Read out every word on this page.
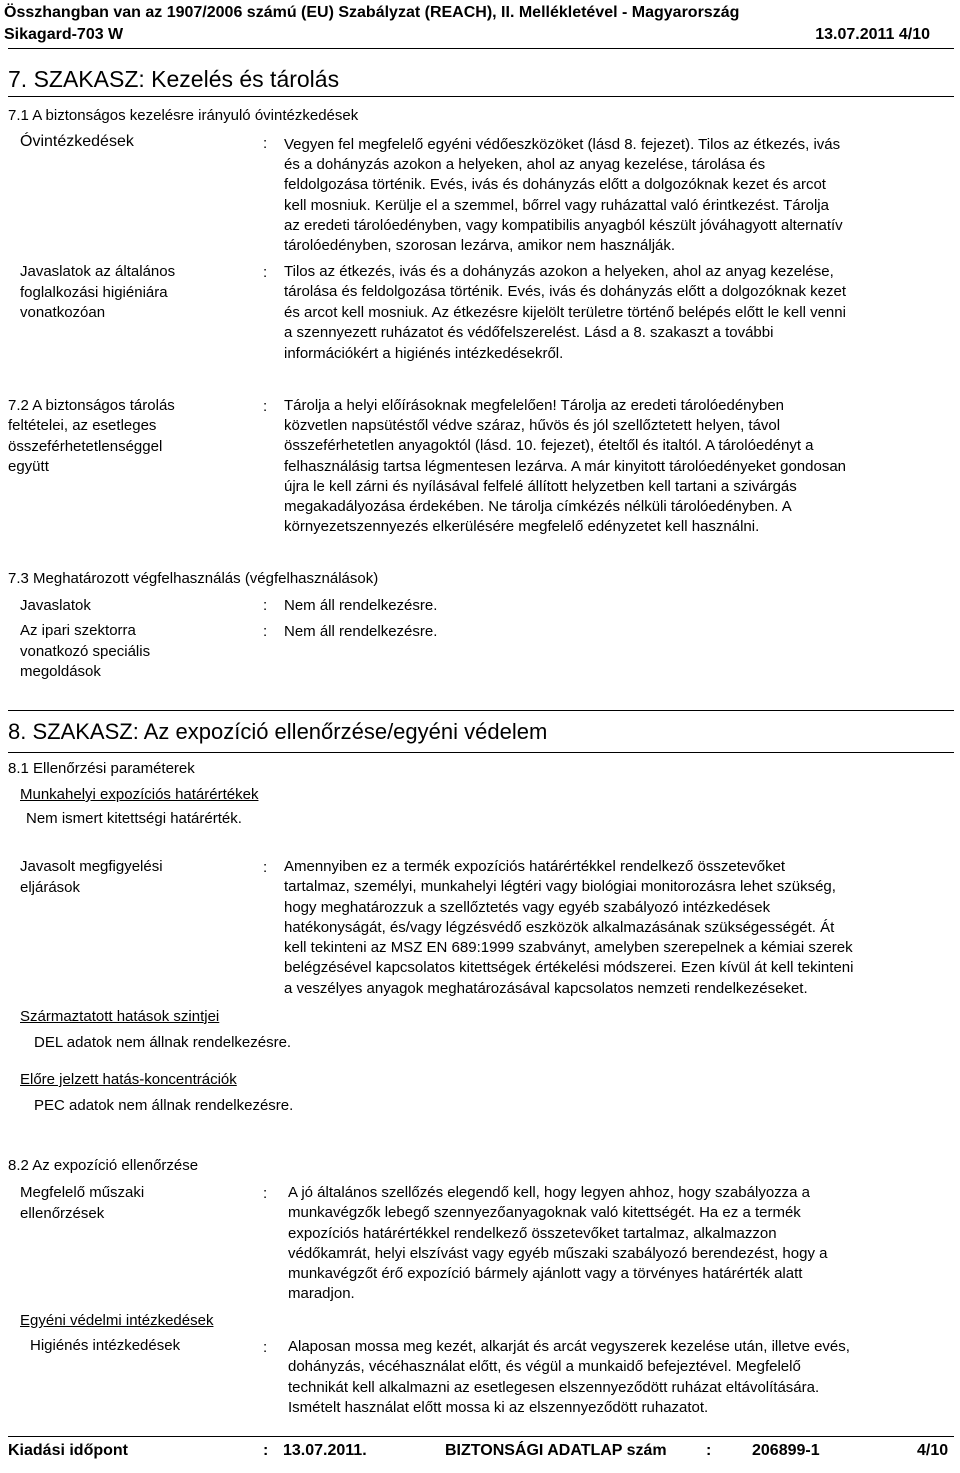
Összhangban van az 1907/2006 számú (EU) Szabályzat (REACH), II. Mellékletével - Magyarország
Sikagard-703 W	13.07.2011 4/10
7. SZAKASZ: Kezelés és tárolás
7.1 A biztonságos kezelésre irányuló óvintézkedések
Óvintézkedések	: Vegyen fel megfelelő egyéni védőeszközöket (lásd 8. fejezet). Tilos az étkezés, ivás
és a dohányzás azokon a helyeken, ahol az anyag kezelése, tárolása és
feldolgozása történik. Evés, ivás és dohányzás előtt a dolgozóknak kezet és arcot
kell mosniuk. Kerülje el a szemmel, bőrrel vagy ruházattal való érintkezést. Tárolja
az eredeti tárolóedényben, vagy kompatibilis anyagból készült jóváhagyott alternatív
tárolóedényben, szorosan lezárva, amikor nem használják.
Javaslatok az általános
foglalkozási higiéniára
vonatkozóan
: Tilos az étkezés, ivás és a dohányzás azokon a helyeken, ahol az anyag kezelése,
tárolása és feldolgozása történik. Evés, ivás és dohányzás előtt a dolgozóknak kezet
és arcot kell mosniuk. Az étkezésre kijelölt területre történő belépés előtt le kell venni
a szennyezett ruházatot és védőfelszerelést. Lásd a 8. szakaszt a további
információkért a higiénés intézkedésekről.
7.2 A biztonságos tárolás
feltételei, az esetleges
összeférhetetlenséggel
együtt
: Tárolja a helyi előírásoknak megfelelően! Tárolja az eredeti tárolóedényben
közvetlen napsütéstől védve száraz, hűvös és jól szellőztetett helyen, távol
összeférhetetlen anyagoktól (lásd. 10. fejezet), ételtől és italtól. A tárolóedényt a
felhasználásig tartsa légmentesen lezárva. A már kinyitott tárolóedényeket gondosan
újra le kell zárni és nyílásával felfelé állított helyzetben kell tartani a szivárgás
megakadályozása érdekében. Ne tárolja címkézés nélküli tárolóedényben. A
környezetszennyezés elkerülésére megfelelő edényzetet kell használni.
7.3 Meghatározott végfelhasználás (végfelhasználások)
Javaslatok	: Nem áll rendelkezésre.
Az ipari szektorra
vonatkozó speciális
megoldások
: Nem áll rendelkezésre.
8. SZAKASZ: Az expozíció ellenőrzése/egyéni védelem
8.1 Ellenőrzési paraméterek
Munkahelyi expozíciós határértékek
Nem ismert kitettségi határérték.
Javasolt megfigyelési
eljárások
: Amennyiben ez a termék expozíciós határértékkel rendelkező összetevőket
tartalmaz, személyi, munkahelyi légtéri vagy biológiai monitorozásra lehet szükség,
hogy meghatározzuk a szellőztetés vagy egyéb szabályozó intézkedések
hatékonyságát, és/vagy légzésvédő eszközök alkalmazásának szükségességét. Át
kell tekinteni az MSZ EN 689:1999 szabványt, amelyben szerepelnek a kémiai szerek
belégzésével kapcsolatos kitettségek értékelési módszerei. Ezen kívül át kell tekinteni
a veszélyes anyagok meghatározásával kapcsolatos nemzeti rendelkezéseket.
Származtatott hatások szintjei
DEL adatok nem állnak rendelkezésre.
Előre jelzett hatás-koncentrációk
PEC adatok nem állnak rendelkezésre.
8.2 Az expozíció ellenőrzése
Megfelelő műszaki
ellenőrzések
: A jó általános szellőzés elegendő kell, hogy legyen ahhoz, hogy szabályozza a
munkavégzők lebegő szennyezőanyagoknak való kitettségét. Ha ez a termék
expozíciós határértékkel rendelkező összetevőket tartalmaz, alkalmazzon
védőkamrát, helyi elszívást vagy egyéb műszaki szabályozó berendezést, hogy a
munkavégzőt érő expozíció bármely ajánlott vagy a törvényes határérték alatt
maradjon.
Egyéni védelmi intézkedések
Higiénés intézkedések	: Alaposan mossa meg kezét, alkarját és arcát vegyszerek kezelése után, illetve evés,
dohányzás, vécéhasználat előtt, és végül a munkaidő befejeztével. Megfelelő
technikát kell alkalmazni az esetlegesen elszennyeződött ruházat eltávolítására.
Ismételt használat előtt mossa ki az elszennyeződött ruhazatot.
Kiadási időpont	: 13.07.2011.	BIZTONSÁGI ADATLAP szám :	206899-1	4/10
